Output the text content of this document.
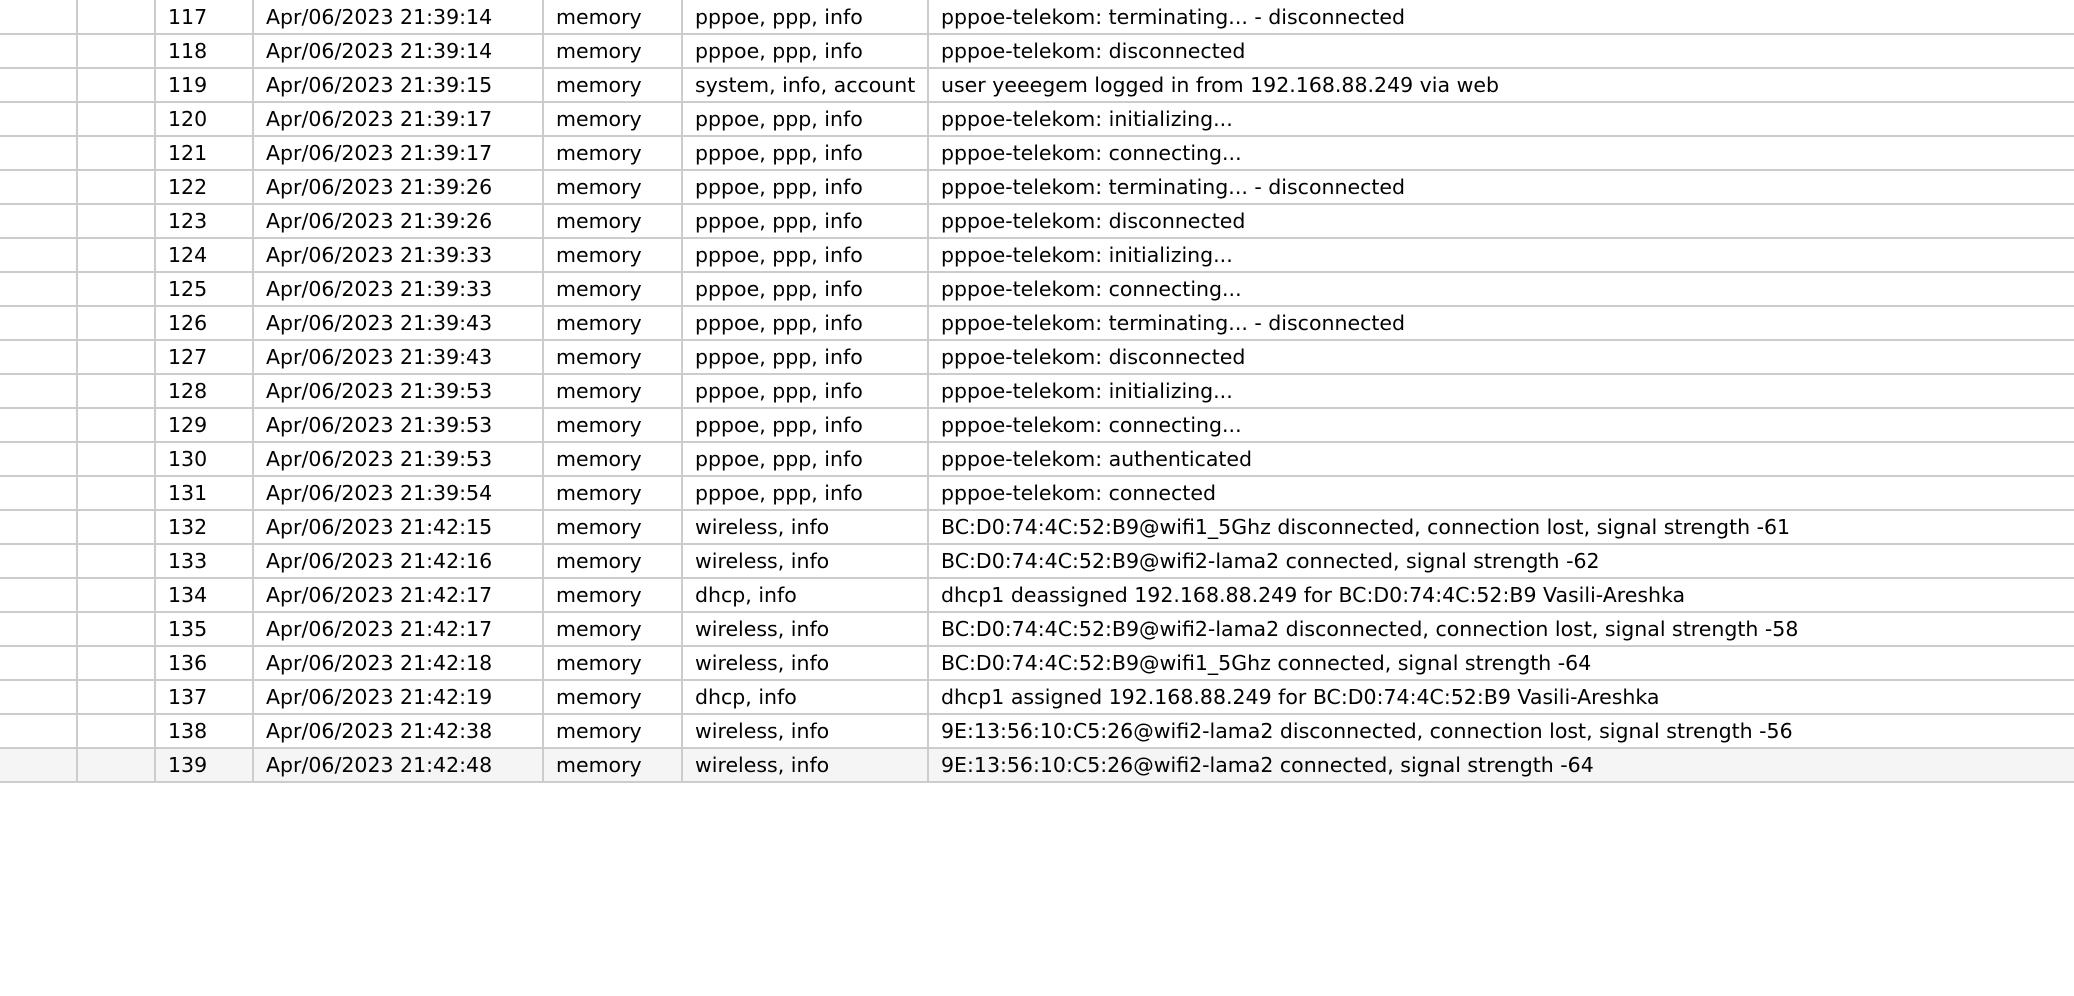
		117	Apr/06/2023 21:39:14	memory	pppoe, ppp, info	pppoe-telekom: terminating... - disconnected

		118	Apr/06/2023 21:39:14	memory	pppoe, ppp, info	pppoe-telekom: disconnected
		119	Apr/06/2023 21:39:15	memory	system, info, account	user yeeegem logged in from 192.168.88.249 via web
		120	Apr/06/2023 21:39:17	memory	pppoe, ppp, info	pppoe-telekom: initializing...
		121	Apr/06/2023 21:39:17	memory	pppoe, ppp, info	pppoe-telekom: connecting...
		122	Apr/06/2023 21:39:26	memory	pppoe, ppp, info	pppoe-telekom: terminating... - disconnected
		123	Apr/06/2023 21:39:26	memory	pppoe, ppp, info	pppoe-telekom: disconnected
		124	Apr/06/2023 21:39:33	memory	pppoe, ppp, info	pppoe-telekom: initializing...
		125	Apr/06/2023 21:39:33	memory	pppoe, ppp, info	pppoe-telekom: connecting...
		126	Apr/06/2023 21:39:43	memory	pppoe, ppp, info	pppoe-telekom: terminating... - disconnected
		127	Apr/06/2023 21:39:43	memory	pppoe, ppp, info	pppoe-telekom: disconnected
		128	Apr/06/2023 21:39:53	memory	pppoe, ppp, info	pppoe-telekom: initializing...
		129	Apr/06/2023 21:39:53	memory	pppoe, ppp, info	pppoe-telekom: connecting...
		130	Apr/06/2023 21:39:53	memory	pppoe, ppp, info	pppoe-telekom: authenticated
		131	Apr/06/2023 21:39:54	memory	pppoe, ppp, info	pppoe-telekom: connected
		132	Apr/06/2023 21:42:15	memory	wireless, info	BC:D0:74:4C:52:B9@wifi1_5Ghz disconnected, connection lost, signal strength -61
		133	Apr/06/2023 21:42:16	memory	wireless, info	BC:D0:74:4C:52:B9@wifi2-lama2 connected, signal strength -62
		134	Apr/06/2023 21:42:17	memory	dhcp, info	dhcp1 deassigned 192.168.88.249 for BC:D0:74:4C:52:B9 Vasili-Areshka
		135	Apr/06/2023 21:42:17	memory	wireless, info	BC:D0:74:4C:52:B9@wifi2-lama2 disconnected, connection lost, signal strength -58
		136	Apr/06/2023 21:42:18	memory	wireless, info	BC:D0:74:4C:52:B9@wifi1_5Ghz connected, signal strength -64
		137	Apr/06/2023 21:42:19	memory	dhcp, info	dhcp1 assigned 192.168.88.249 for BC:D0:74:4C:52:B9 Vasili-Areshka
		138	Apr/06/2023 21:42:38	memory	wireless, info	9E:13:56:10:C5:26@wifi2-lama2 disconnected, connection lost, signal strength -56
		139	Apr/06/2023 21:42:48	memory	wireless, info	9E:13:56:10:C5:26@wifi2-lama2 connected, signal strength -64
